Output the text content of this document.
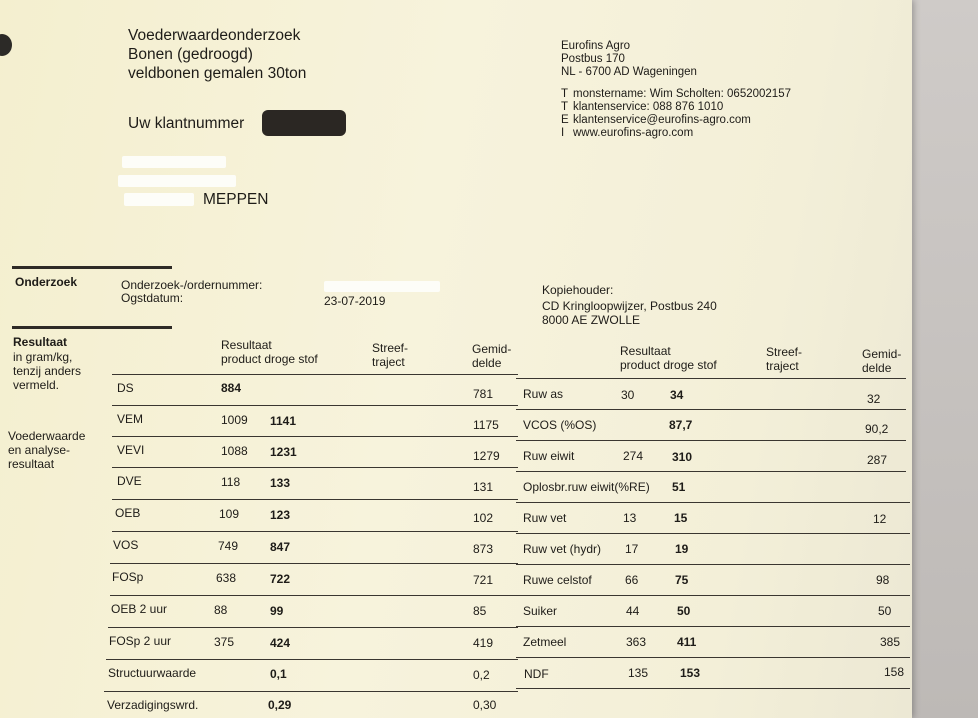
Voederwaardeonderzoek
Bonen (gedroogd)
veldbonen gemalen 30ton
Uw klantnummer
MEPPEN
Eurofins Agro
Postbus 170
NL - 6700 AD Wageningen
T monstername: Wim Scholten: 0652002157
T klantenservice: 088 876 1010
E klantenservice@eurofins-agro.com
I www.eurofins-agro.com
Onderzoek	Onderzoek-/ordernummer:
Ogstdatum:	23-07-2019
Kopiehouder:
CD Kringloopwijzer, Postbus 240
8000 AE ZWOLLE
Resultaat
in gram/kg,
tenzij anders
vermeld.
Voederwaarde
en analyse-
resultaat
Resultaat
product droge stof
Streef-
traject
Gemid-
delde
Resultaat
product droge stof
Streef-
traject
Gemid-
delde
DS	884	781
VEM	1009 1141	1175
VEVI	1088 1231	1279
DVE	118 133	131
OEB	109	123	102
VOS	749	847	873
FOSp	638	722	721
OEB 2 uur	88	99	85
FOSp 2 uur	375	424	419
Structuurwaarde	0,1	0,2
Verzadigingswrd.	0,29	0,30
Ruw as	30	34	32
VCOS (%OS)	87,7	90,2
Ruw eiwit	274 310	287
Oplosbr.ruw eiwit(%RE) 51
Ruw vet	13	15	12
Ruw vet (hydr) 17	19
Ruwe celstof	66	75	98
Suiker	44	50	50
Zetmeel	363	411	385
NDF	135	153	158
